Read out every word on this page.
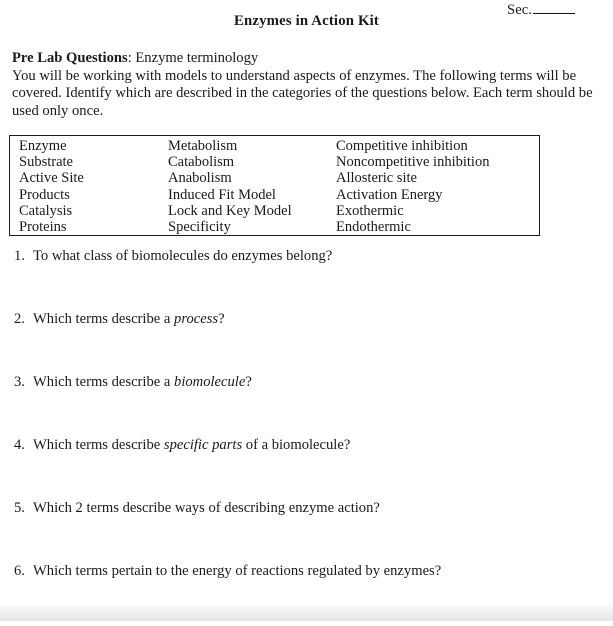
Sec.
Enzymes in Action Kit

Pre Lab Questions: Enzyme terminology

You will be working with models to understand aspects of enzymes. The following terms will be covered. Identify which are described in the categories of the questions below. Each term should be used only once.

Enzyme	Metabolism	Competitive inhibition
Substrate	Catabolism	Noncompetitive inhibition
Active Site	Anabolism	Allosteric site
Products	Induced Fit Model	Activation Energy
Catalysis	Lock and Key Model	Exothermic
Proteins	Specificity	Endothermic
1. To what class of biomolecules do enzymes belong?
2. Which terms describe a process?
3. Which terms describe a biomolecule?
4. Which terms describe specific parts of a biomolecule?
5. Which 2 terms describe ways of describing enzyme action?
6. Which terms pertain to the energy of reactions regulated by enzymes?
